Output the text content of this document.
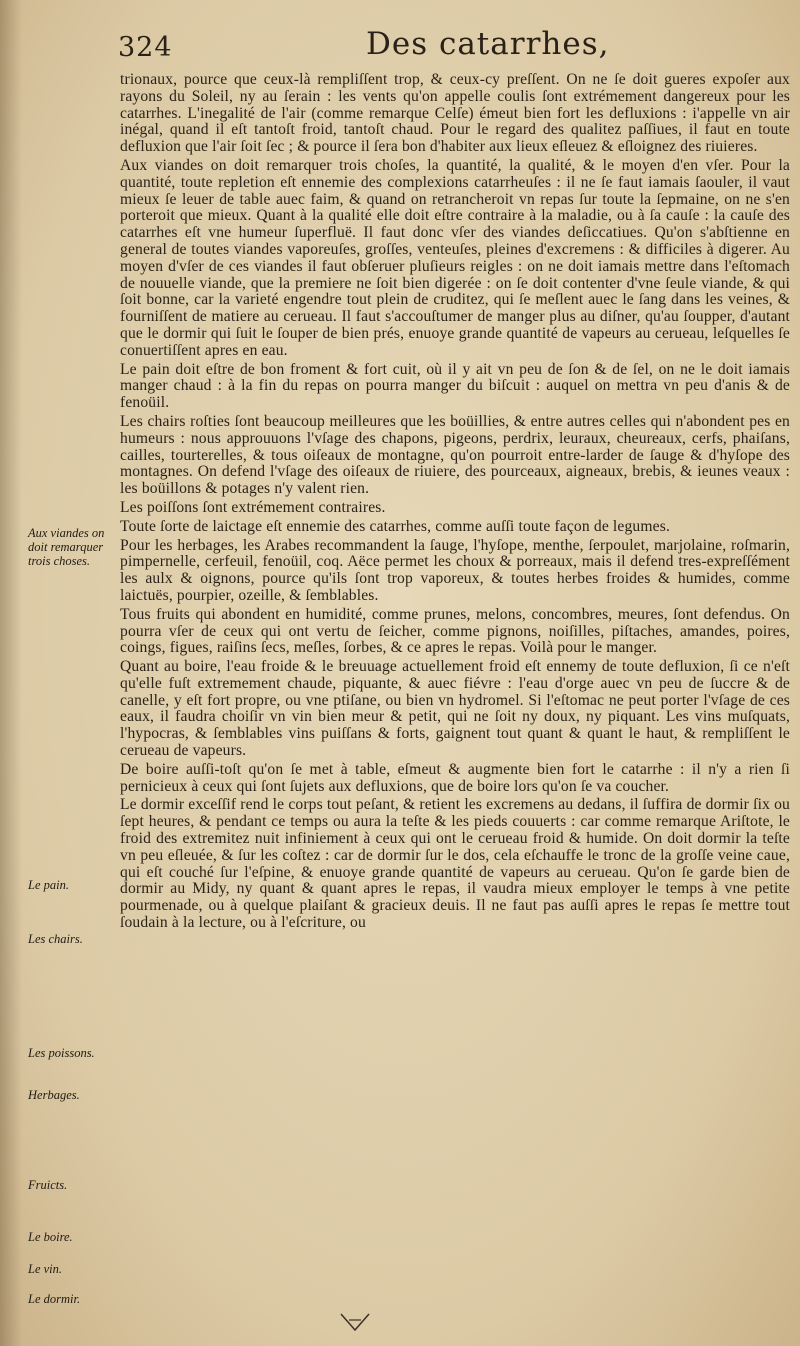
324	Des catarrhes,
Aux viandes on doit remarquer trois choses.
Le pain.
Les chairs.
Les poissons.
Herbages.
Fruicts.

trionaux, pource que ceux-là rempliſſent trop, & ceux-cy preſſent. On ne ſe doit gueres expoſer aux rayons du Soleil, ny au ſerain : les vents qu'on appelle coulis ſont extrémement dangereux pour les catarrhes. L'inegalité de l'air (comme remarque Celſe) émeut bien fort les defluxions : i'appelle vn air inégal, quand il eſt tantoſt froid, tantoſt chaud. Pour le regard des qualitez paſſiues, il faut en toute defluxion que l'air ſoit ſec ; & pource il ſera bon d'habiter aux lieux eſleuez & eſloignez des riuieres.

Aux viandes on doit remarquer trois choſes, la quantité, la qualité, & le moyen d'en vſer. Pour la quantité, toute repletion eſt ennemie des complexions catarrheuſes : il ne ſe faut iamais ſaouler, il vaut mieux ſe leuer de table auec faim, & quand on retrancheroit vn repas ſur toute la ſepmaine, on ne s'en porteroit que mieux. Quant à la qualité elle doit eſtre contraire à la maladie, ou à ſa cauſe : la cauſe des catarrhes eſt vne humeur ſuperfluë. Il faut donc vſer des viandes deſiccatiues. Qu'on s'abſtienne en general de toutes viandes vaporeuſes, groſſes, venteuſes, pleines d'excremens : & difficiles à digerer. Au moyen d'vſer de ces viandes il faut obſeruer pluſieurs reigles : on ne doit iamais mettre dans l'eſtomach de nouuelle viande, que la premiere ne ſoit bien digerée : on ſe doit contenter d'vne ſeule viande, & qui ſoit bonne, car la varieté engendre tout plein de cruditez, qui ſe meſlent auec le ſang dans les veines, & fourniſſent de matiere au cerueau. Il faut s'accouſtumer de manger plus au diſner, qu'au ſoupper, d'autant que le dormir qui ſuit le ſouper de bien prés, enuoye grande quantité de vapeurs au cerueau, leſquelles ſe conuertiſſent apres en eau.

Le pain doit eſtre de bon froment & fort cuit, où il y ait vn peu de ſon & de ſel, on ne le doit iamais manger chaud : à la fin du repas on pourra manger du biſcuit : auquel on mettra vn peu d'anis & de fenoüil.

Les chairs roſties ſont beaucoup meilleures que les boüillies, & entre autres celles qui n'abondent pes en humeurs : nous approuuons l'vſage des chapons, pigeons, perdrix, leuraux, cheureaux, cerfs, phaiſans, cailles, tourterelles, & tous oiſeaux de montagne, qu'on pourroit entre-larder de ſauge & d'hyſope des montagnes. On defend l'vſage des oiſeaux de riuiere, des pourceaux, aigneaux, brebis, & ieunes veaux : les boüillons & potages n'y valent rien.

Les poiſſons ſont extrémement contraires.

Toute ſorte de laictage eſt ennemie des catarrhes, comme auſſi toute façon de legumes.

Pour les herbages, les Arabes recommandent la ſauge, l'hyſope, menthe, ſerpoulet, marjolaine, roſmarin, pimpernelle, cerfeuil, fenoüil, coq. Aëce permet les choux & porreaux, mais il defend tres-expreſſément les aulx & oignons, pource qu'ils ſont trop vaporeux, & toutes herbes froides & humides, comme laictuës, pourpier, ozeille, & ſemblables.

Tous fruits qui abondent en humidité, comme prunes, melons, concombres, meures, ſont defendus. On pourra vſer de ceux qui ont vertu de ſeicher, comme pignons, noiſilles, piſtaches, amandes, poires, coings, figues, raiſins ſecs, meſles, ſorbes, & ce apres le repas. Voilà pour le manger.

Quant au boire, l'eau froide & le breuuage actuellement froid eſt ennemy de toute defluxion, ſi ce n'eſt qu'elle fuſt extremement chaude, piquante, & auec fiévre : l'eau d'orge auec vn peu de ſuccre & de canelle, y eſt fort propre, ou vne ptiſane, ou bien vn hydromel. Si l'eſtomac ne peut porter l'vſage de ces eaux, il faudra choiſir vn vin bien meur & petit, qui ne ſoit ny doux, ny piquant. Les vins muſquats, l'hypocras, & ſemblables vins puiſſans & forts, gaignent tout quant & quant le haut, & rempliſſent le cerueau de vapeurs.

De boire auſſi-toſt qu'on ſe met à table, eſmeut & augmente bien fort le catarrhe : il n'y a rien ſi pernicieux à ceux qui ſont ſujets aux defluxions, que de boire lors qu'on ſe va coucher.

Le dormir exceſſif rend le corps tout peſant, & retient les excremens au dedans, il ſuffira de dormir ſix ou ſept heures, & pendant ce temps ou aura la teſte & les pieds couuerts : car comme remarque Ariſtote, le froid des extremitez nuit infiniement à ceux qui ont le cerueau froid & humide. On doit dormir la teſte vn peu eſleuée, & ſur les coſtez : car de dormir ſur le dos, cela eſchauffe le tronc de la groſſe veine caue, qui eſt couché ſur l'eſpine, & enuoye grande quantité de vapeurs au cerueau. Qu'on ſe garde bien de dormir au Midy, ny quant & quant apres le repas, il vaudra mieux employer le temps à vne petite pourmenade, ou à quelque plaiſant & gracieux deuis. Il ne faut pas auſſi apres le repas ſe mettre tout ſoudain à la lecture, ou à l'eſcriture, ou

Le boire.
Le vin.
Le dormir.
